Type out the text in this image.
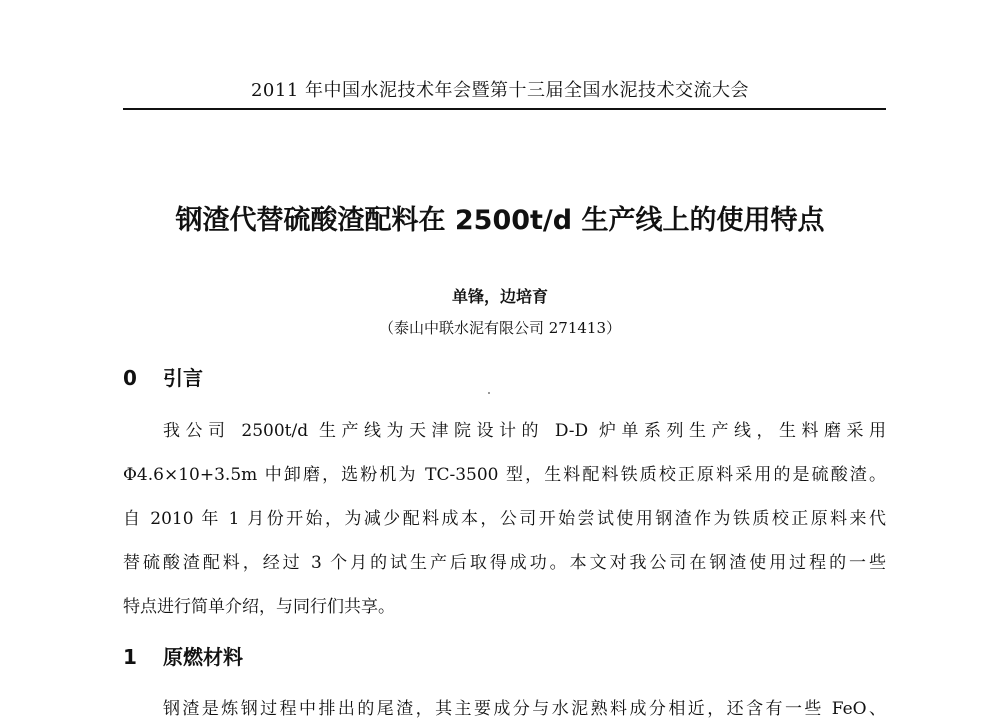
2011 年中国水泥技术年会暨第十三届全国水泥技术交流大会
钢渣代替硫酸渣配料在 2500t/d 生产线上的使用特点
单锋，边培育
（泰山中联水泥有限公司 271413）
0 引言
我公司 2500t/d 生产线为天津院设计的 D-D 炉单系列生产线，生料磨采用
Φ4.6×10+3.5m 中卸磨，选粉机为 TC-3500 型，生料配料铁质校正原料采用的是硫酸渣。
自 2010 年 1 月份开始，为减少配料成本，公司开始尝试使用钢渣作为铁质校正原料来代
替硫酸渣配料，经过 3 个月的试生产后取得成功。本文对我公司在钢渣使用过程的一些
特点进行简单介绍，与同行们共享。
1 原燃材料
钢渣是炼钢过程中排出的尾渣，其主要成分与水泥熟料成分相近，还含有一些 FeO、
